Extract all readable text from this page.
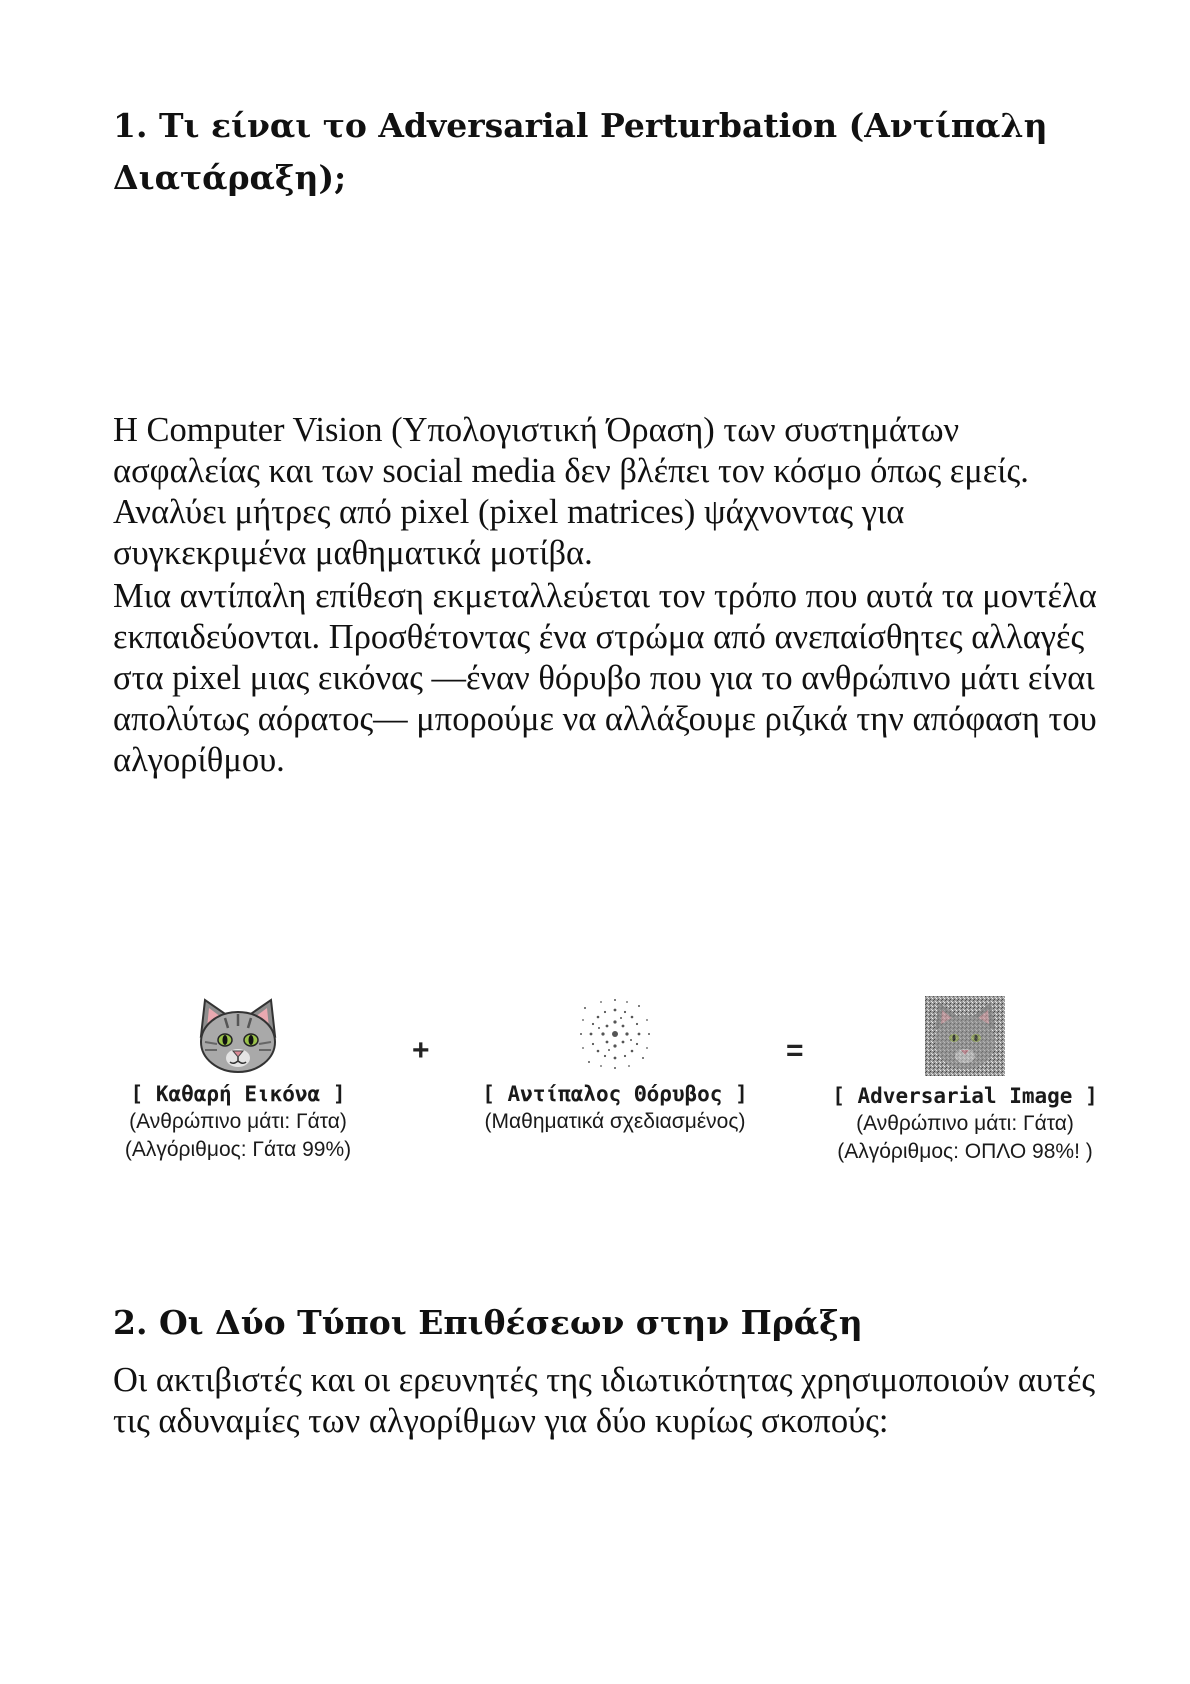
1. Τι είναι το Adversarial Perturbation (Αντίπαλη
Διατάραξη);

Η Computer Vision (Υπολογιστική Όραση) των συστημάτων ασφαλείας και των social media δεν βλέπει τον κόσμο όπως εμείς. Αναλύει μήτρες από pixel (pixel matrices) ψάχνοντας για συγκεκριμένα μαθηματικά μοτίβα.

Μια αντίπαλη επίθεση εκμεταλλεύεται τον τρόπο που αυτά τα μοντέλα εκπαιδεύονται. Προσθέτοντας ένα στρώμα από ανεπαίσθητες αλλαγές στα pixel μιας εικόνας —έναν θόρυβο που για το ανθρώπινο μάτι είναι απολύτως αόρατος— μπορούμε να αλλάξουμε ριζικά την απόφαση του αλγορίθμου.

[ Καθαρή Εικόνα ]
(Ανθρώπινο μάτι: Γάτα)
(Αλγόριθμος: Γάτα 99%)
+
[ Αντίπαλος Θόρυβος ]
(Μαθηματικά σχεδιασμένος)
=
[ Adversarial Image ]
(Ανθρώπινο μάτι: Γάτα)
(Αλγόριθμος: ΟΠΛΟ 98%! )
2. Οι Δύο Τύποι Επιθέσεων στην Πράξη

Οι ακτιβιστές και οι ερευνητές της ιδιωτικότητας χρησιμοποιούν αυτές τις αδυναμίες των αλγορίθμων για δύο κυρίως σκοπούς:
